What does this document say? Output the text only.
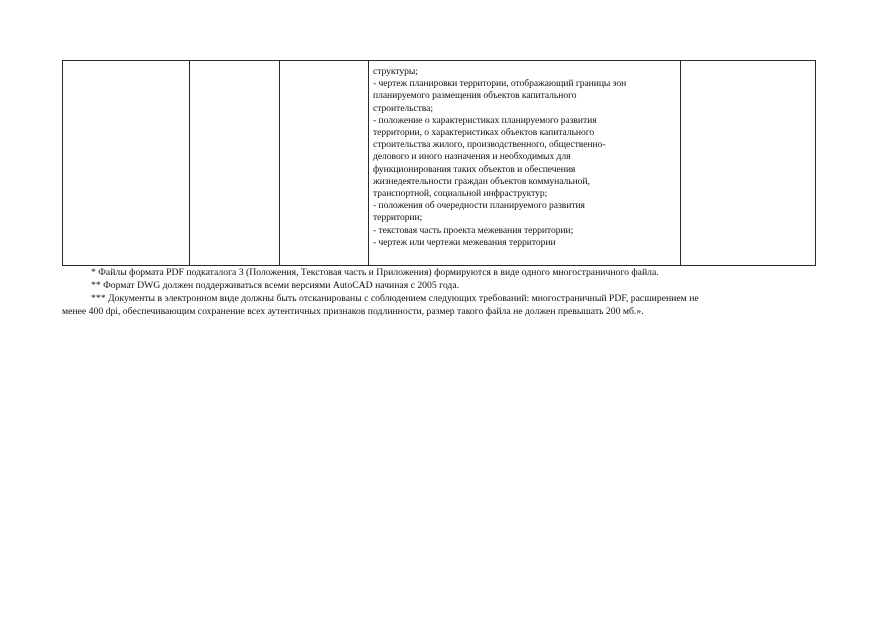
структуры;
- чертеж планировки территории, отображающий границы зон
планируемого размещения объектов капитального
строительства;
- положение о характеристиках планируемого развития
территории, о характеристиках объектов капитального
строительства жилого, производственного, общественно-
делового и иного назначения и необходимых для
функционирования таких объектов и обеспечения
жизнедеятельности граждан объектов коммунальной,
транспортной, социальной инфраструктур;
- положения об очередности планируемого развития
территории;
- текстовая часть проекта межевания территории;
- чертеж или чертежи межевания территории

* Файлы формата PDF подкаталога 3 (Положения, Текстовая часть и Приложения) формируются в виде одного многостраничного файла.
** Формат DWG должен поддерживаться всеми версиями AutoCAD начиная с 2005 года.
*** Документы в электронном виде должны быть отсканированы с соблюдением следующих требований: многостраничный PDF, расширением не
менее 400 dpi, обеспечивающим сохранение всех аутентичных признаков подлинности, размер такого файла не должен превышать 200 мб.».
